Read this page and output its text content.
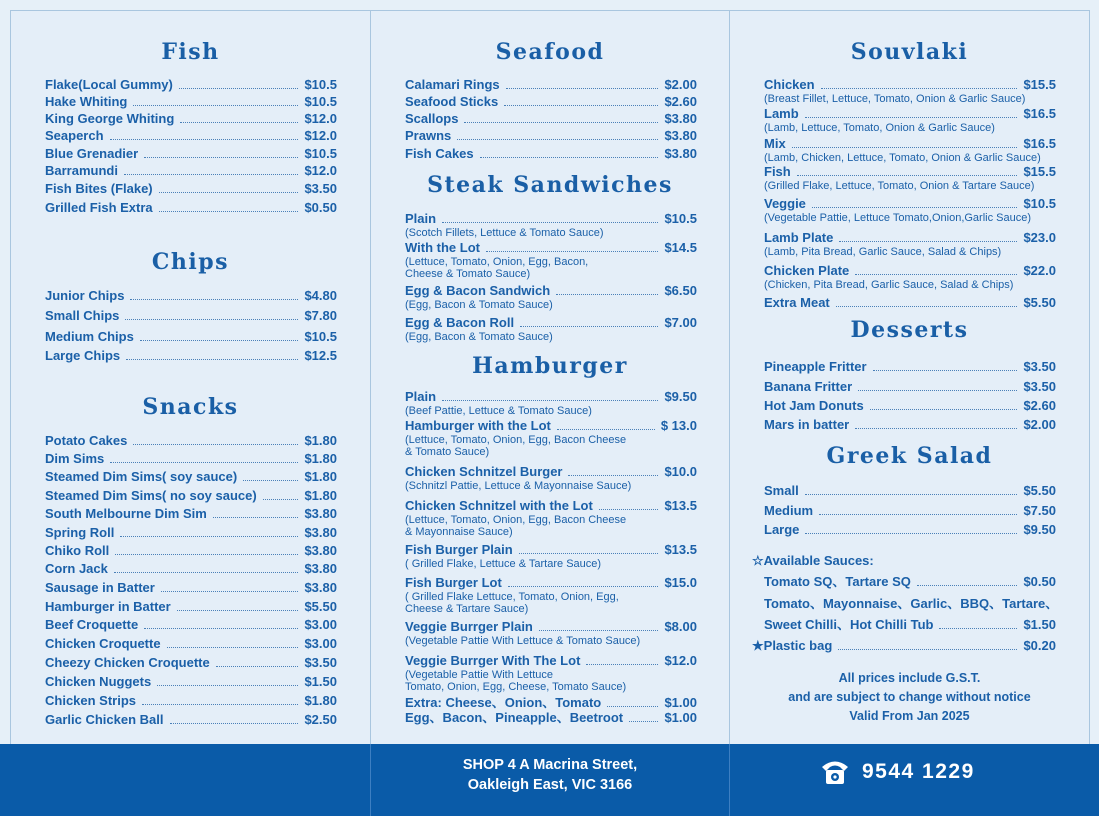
Fish
Flake(Local Gummy)	$10.5
Hake Whiting	$10.5
King George Whiting	$12.0
Seaperch	$12.0
Blue Grenadier	$10.5
Barramundi	$12.0
Fish Bites (Flake)	$3.50
Grilled Fish Extra	$0.50
Chips
Junior Chips	$4.80
Small Chips	$7.80
Medium Chips	$10.5
Large Chips	$12.5
Snacks
Potato Cakes	$1.80
Dim Sims	$1.80
Steamed Dim Sims( soy sauce)	$1.80
Steamed Dim Sims( no soy sauce)	$1.80
South Melbourne Dim Sim	$3.80
Spring Roll	$3.80
Chiko Roll	$3.80
Corn Jack	$3.80
Sausage in Batter	$3.80
Hamburger in Batter	$5.50
Beef Croquette	$3.00
Chicken Croquette	$3.00
Cheezy Chicken Croquette	$3.50
Chicken Nuggets	$1.50
Chicken Strips	$1.80
Garlic Chicken Ball	$2.50
Seafood
Calamari Rings	$2.00
Seafood Sticks	$2.60
Scallops	$3.80
Prawns	$3.80
Fish Cakes	$3.80
Steak Sandwiches
Plain	$10.5
(Scotch Fillets, Lettuce & Tomato Sauce)
With the Lot	$14.5
(Lettuce, Tomato, Onion, Egg, Bacon,
Cheese & Tomato Sauce)
Egg & Bacon Sandwich	$6.50
(Egg, Bacon & Tomato Sauce)
Egg & Bacon Roll	$7.00
(Egg, Bacon & Tomato Sauce)
Hamburger
Plain	$9.50
(Beef Pattie, Lettuce & Tomato Sauce)
Hamburger with the Lot	$ 13.0
(Lettuce, Tomato, Onion, Egg, Bacon Cheese
& Tomato Sauce)
Chicken Schnitzel Burger	$10.0
(Schnitzl Pattie, Lettuce & Mayonnaise Sauce)
Chicken Schnitzel with the Lot	$13.5
(Lettuce, Tomato, Onion, Egg, Bacon Cheese
& Mayonnaise Sauce)
Fish Burger Plain	$13.5
( Grilled Flake, Lettuce & Tartare Sauce)
Fish Burger Lot	$15.0
( Grilled Flake Lettuce, Tomato, Onion, Egg,
Cheese & Tartare Sauce)
Veggie Burrger Plain	$8.00
(Vegetable Pattie With Lettuce & Tomato Sauce)
Veggie Burrger With The Lot	$12.0
(Vegetable Pattie With Lettuce
Tomato, Onion, Egg, Cheese, Tomato Sauce)
Extra: Cheese、Onion、Tomato	$1.00
Egg、Bacon、Pineapple、Beetroot	$1.00
Souvlaki
Chicken	$15.5
(Breast Fillet, Lettuce, Tomato, Onion & Garlic Sauce)
Lamb	$16.5
(Lamb, Lettuce, Tomato, Onion & Garlic Sauce)
Mix	$16.5
(Lamb, Chicken, Lettuce, Tomato, Onion & Garlic Sauce)
Fish	$15.5
(Grilled Flake, Lettuce, Tomato, Onion & Tartare Sauce)
Veggie	$10.5
(Vegetable Pattie, Lettuce Tomato,Onion,Garlic Sauce)
Lamb Plate	$23.0
(Lamb, Pita Bread, Garlic Sauce, Salad & Chips)
Chicken Plate	$22.0
(Chicken, Pita Bread, Garlic Sauce, Salad & Chips)
Extra Meat	$5.50
Desserts
Pineapple Fritter	$3.50
Banana Fritter	$3.50
Hot Jam Donuts	$2.60
Mars in batter	$2.00
Greek Salad
Small	$5.50
Medium	$7.50
Large	$9.50
☆Available Sauces:
Tomato SQ、Tartare SQ	$0.50
Tomato、Mayonnaise、Garlic、BBQ、Tartare、
Sweet Chilli、Hot Chilli Tub	$1.50
★Plastic bag	$0.20
All prices include G.S.T.
and are subject to change without notice
Valid From Jan 2025
SHOP 4 A Macrina Street,
Oakleigh East, VIC 3166
9544 1229
